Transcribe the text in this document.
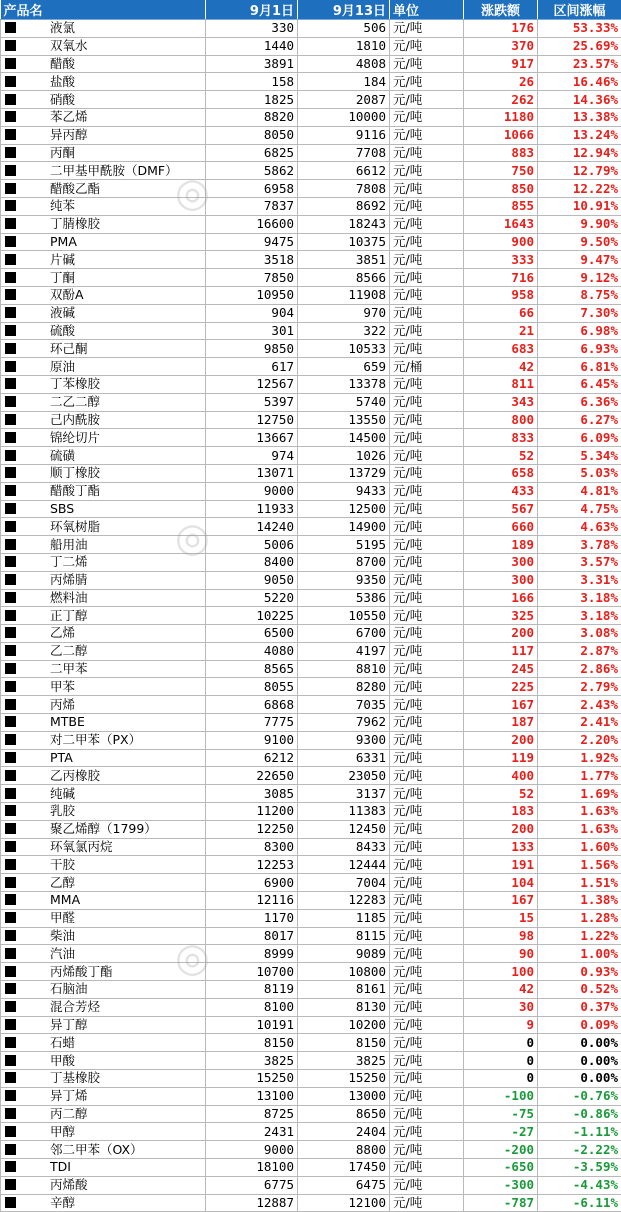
产品名	9月1日	9月13日	单位	涨跌额	区间涨幅
液氯	330	506	元/吨	176	53.33%
双氧水	1440	1810	元/吨	370	25.69%
醋酸	3891	4808	元/吨	917	23.57%
盐酸	158	184	元/吨	26	16.46%
硝酸	1825	2087	元/吨	262	14.36%
苯乙烯	8820	10000	元/吨	1180	13.38%
异丙醇	8050	9116	元/吨	1066	13.24%
丙酮	6825	7708	元/吨	883	12.94%
二甲基甲酰胺（DMF）	5862	6612	元/吨	750	12.79%
醋酸乙酯	6958	7808	元/吨	850	12.22%
纯苯	7837	8692	元/吨	855	10.91%
丁腈橡胶	16600	18243	元/吨	1643	9.90%
PMA	9475	10375	元/吨	900	9.50%
片碱	3518	3851	元/吨	333	9.47%
丁酮	7850	8566	元/吨	716	9.12%
双酚A	10950	11908	元/吨	958	8.75%
液碱	904	970	元/吨	66	7.30%
硫酸	301	322	元/吨	21	6.98%
环己酮	9850	10533	元/吨	683	6.93%
原油	617	659	元/桶	42	6.81%
丁苯橡胶	12567	13378	元/吨	811	6.45%
二乙二醇	5397	5740	元/吨	343	6.36%
己内酰胺	12750	13550	元/吨	800	6.27%
锦纶切片	13667	14500	元/吨	833	6.09%
硫磺	974	1026	元/吨	52	5.34%
顺丁橡胶	13071	13729	元/吨	658	5.03%
醋酸丁酯	9000	9433	元/吨	433	4.81%
SBS	11933	12500	元/吨	567	4.75%
环氧树脂	14240	14900	元/吨	660	4.63%
船用油	5006	5195	元/吨	189	3.78%
丁二烯	8400	8700	元/吨	300	3.57%
丙烯腈	9050	9350	元/吨	300	3.31%
燃料油	5220	5386	元/吨	166	3.18%
正丁醇	10225	10550	元/吨	325	3.18%
乙烯	6500	6700	元/吨	200	3.08%
乙二醇	4080	4197	元/吨	117	2.87%
二甲苯	8565	8810	元/吨	245	2.86%
甲苯	8055	8280	元/吨	225	2.79%
丙烯	6868	7035	元/吨	167	2.43%
MTBE	7775	7962	元/吨	187	2.41%
对二甲苯（PX）	9100	9300	元/吨	200	2.20%
PTA	6212	6331	元/吨	119	1.92%
乙丙橡胶	22650	23050	元/吨	400	1.77%
纯碱	3085	3137	元/吨	52	1.69%
乳胶	11200	11383	元/吨	183	1.63%
聚乙烯醇（1799）	12250	12450	元/吨	200	1.63%
环氧氯丙烷	8300	8433	元/吨	133	1.60%
干胶	12253	12444	元/吨	191	1.56%
乙醇	6900	7004	元/吨	104	1.51%
MMA	12116	12283	元/吨	167	1.38%
甲醛	1170	1185	元/吨	15	1.28%
柴油	8017	8115	元/吨	98	1.22%
汽油	8999	9089	元/吨	90	1.00%
丙烯酸丁酯	10700	10800	元/吨	100	0.93%
石脑油	8119	8161	元/吨	42	0.52%
混合芳烃	8100	8130	元/吨	30	0.37%
异丁醇	10191	10200	元/吨	9	0.09%
石蜡	8150	8150	元/吨	0	0.00%
甲酸	3825	3825	元/吨	0	0.00%
丁基橡胶	15250	15250	元/吨	0	0.00%
异丁烯	13100	13000	元/吨	-100	-0.76%
丙二醇	8725	8650	元/吨	-75	-0.86%
甲醇	2431	2404	元/吨	-27	-1.11%
邻二甲苯（OX）	9000	8800	元/吨	-200	-2.22%
TDI	18100	17450	元/吨	-650	-3.59%
丙烯酸	6775	6475	元/吨	-300	-4.43%
辛醇	12887	12100	元/吨	-787	-6.11%
◎
◎
◎
